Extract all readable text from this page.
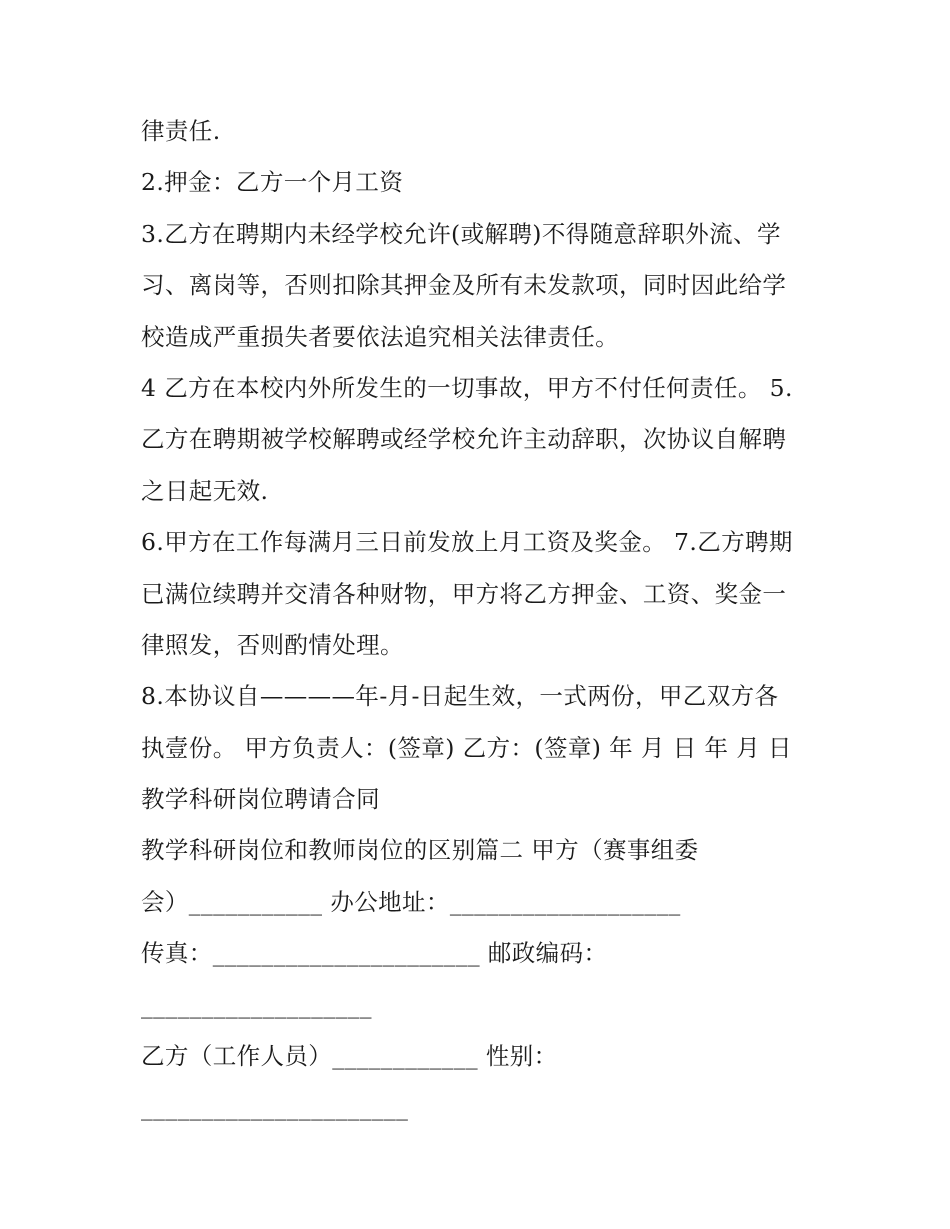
律责任.
2.押金：乙方一个月工资
3.乙方在聘期内未经学校允许(或解聘)不得随意辞职外流、学
习、离岗等，否则扣除其押金及所有未发款项，同时因此给学
校造成严重损失者要依法追究相关法律责任。
4 乙方在本校内外所发生的一切事故，甲方不付任何责任。 5.
乙方在聘期被学校解聘或经学校允许主动辞职，次协议自解聘
之日起无效.
6.甲方在工作每满月三日前发放上月工资及奖金。 7.乙方聘期
已满位续聘并交清各种财物，甲方将乙方押金、工资、奖金一
律照发，否则酌情处理。
8.本协议自————年-月-日起生效，一式两份，甲乙双方各
执壹份。 甲方负责人：(签章) 乙方：(签章) 年 月 日 年 月 日
教学科研岗位聘请合同
教学科研岗位和教师岗位的区别篇二 甲方（赛事组委
会）___________ 办公地址：___________________
传真：______________________ 邮政编码：
___________________
乙方（工作人员）____________ 性别：
______________________
